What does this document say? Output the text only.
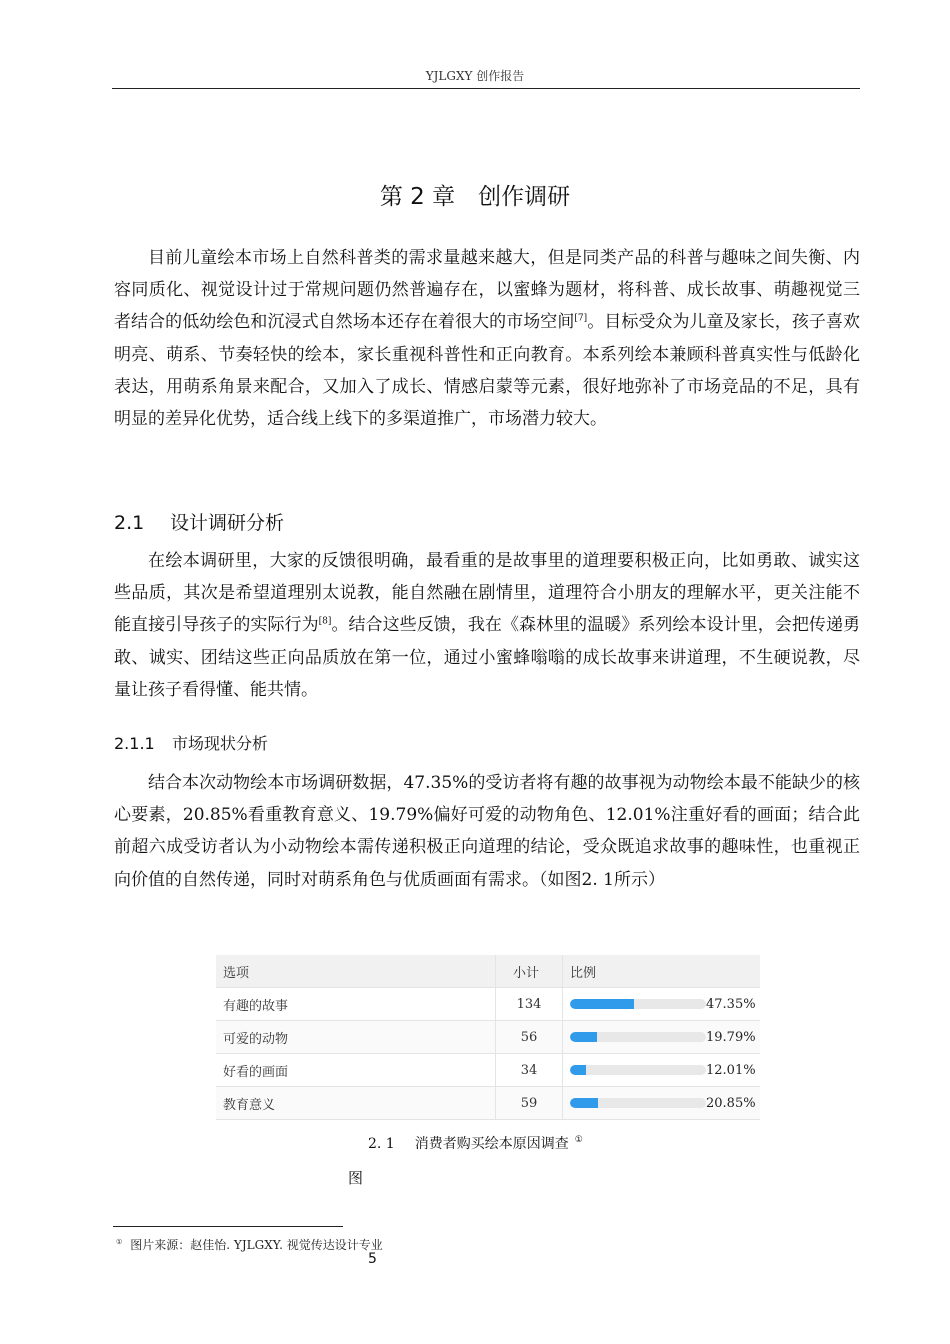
YJLGXY 创作报告
第 2 章　创作调研

目前儿童绘本市场上自然科普类的需求量越来越大，但是同类产品的科普与趣味之间失衡、内容同质化、视觉设计过于常规问题仍然普遍存在，以蜜蜂为题材，将科普、成长故事、萌趣视觉三者结合的低幼绘色和沉浸式自然场本还存在着很大的市场空间[7]。目标受众为儿童及家长，孩子喜欢明亮、萌系、节奏轻快的绘本，家长重视科普性和正向教育。本系列绘本兼顾科普真实性与低龄化表达，用萌系角景来配合，又加入了成长、情感启蒙等元素，很好地弥补了市场竞品的不足，具有明显的差异化优势，适合线上线下的多渠道推广，市场潜力较大。

2.1 设计调研分析

在绘本调研里，大家的反馈很明确，最看重的是故事里的道理要积极正向，比如勇敢、诚实这些品质，其次是希望道理别太说教，能自然融在剧情里，道理符合小朋友的理解水平，更关注能不能直接引导孩子的实际行为[8]。结合这些反馈，我在《森林里的温暖》系列绘本设计里，会把传递勇敢、诚实、团结这些正向品质放在第一位，通过小蜜蜂嗡嗡的成长故事来讲道理，不生硬说教，尽量让孩子看得懂、能共情。

2.1.1 市场现状分析

结合本次动物绘本市场调研数据，47.35%的受访者将有趣的故事视为动物绘本最不能缺少的核心要素，20.85%看重教育意义、19.79%偏好可爱的动物角色、12.01%注重好看的画面；结合此前超六成受访者认为小动物绘本需传递积极正向道理的结论，受众既追求故事的趣味性，也重视正向价值的自然传递，同时对萌系角色与优质画面有需求。（如图2. 1所示）

选项	小计	比例
有趣的故事	134	47.35%
可爱的动物	56	19.79%
好看的画面	34	12.01%
教育意义	59	20.85%
2. 1 消费者购买绘本原因调查 ①
图
① 图片来源：赵佳怡. YJLGXY. 视觉传达设计专业
5
